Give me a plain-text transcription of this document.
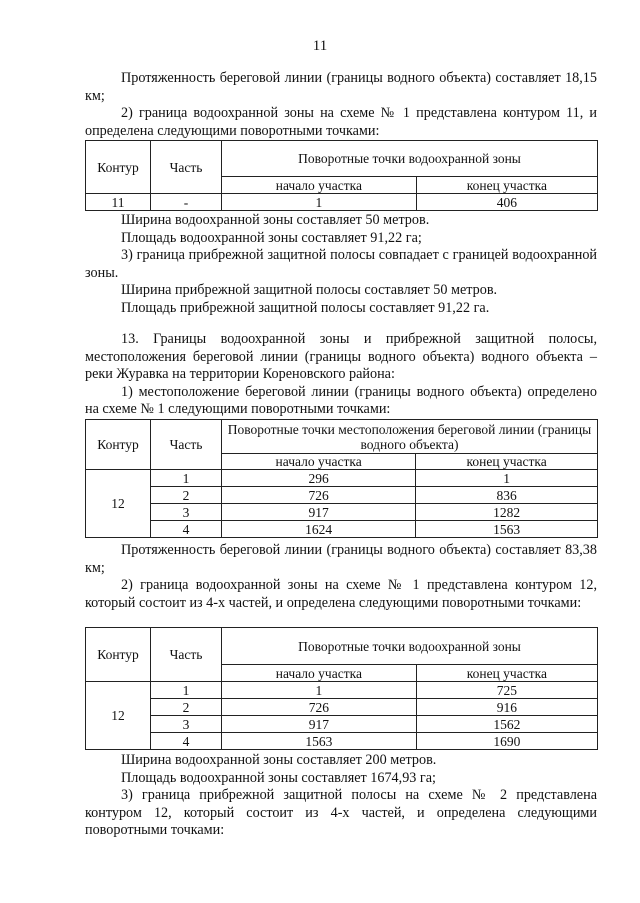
11

Протяженность береговой линии (границы водного объекта) составляет 18,15 км;

2) граница водоохранной зоны на схеме № 1 представлена контуром 11, и определена следующими поворотными точками:

Контур	Часть	Поворотные точки водоохранной зоны	
		начало участка	конец участка
11	-	1	406

Ширина водоохранной зоны составляет 50 метров.

Площадь водоохранной зоны составляет 91,22 га;

3) граница прибрежной защитной полосы совпадает с границей водоохранной зоны.

Ширина прибрежной защитной полосы составляет 50 метров.

Площадь прибрежной защитной полосы составляет 91,22 га.

13. Границы водоохранной зоны и прибрежной защитной полосы, местоположения береговой линии (границы водного объекта) водного объекта – реки Журавка на территории Кореновского района:

1) местоположение береговой линии (границы водного объекта) определено на схеме № 1 следующими поворотными точками:

Контур	Часть	Поворотные точки местоположения береговой линии (границы водного объекта)	
		начало участка	конец участка
12	1	296	1
	2	726	836
	3	917	1282
	4	1624	1563

Протяженность береговой линии (границы водного объекта) составляет 83,38 км;

2) граница водоохранной зоны на схеме № 1 представлена контуром 12, который состоит из 4-х частей, и определена следующими поворотными точками:

Контур	Часть	Поворотные точки водоохранной зоны	
		начало участка	конец участка
12	1	1	725
	2	726	916
	3	917	1562
	4	1563	1690

Ширина водоохранной зоны составляет 200 метров.

Площадь водоохранной зоны составляет 1674,93 га;

3) граница прибрежной защитной полосы на схеме № 2 представлена контуром 12, который состоит из 4-х частей, и определена следующими поворотными точками:
